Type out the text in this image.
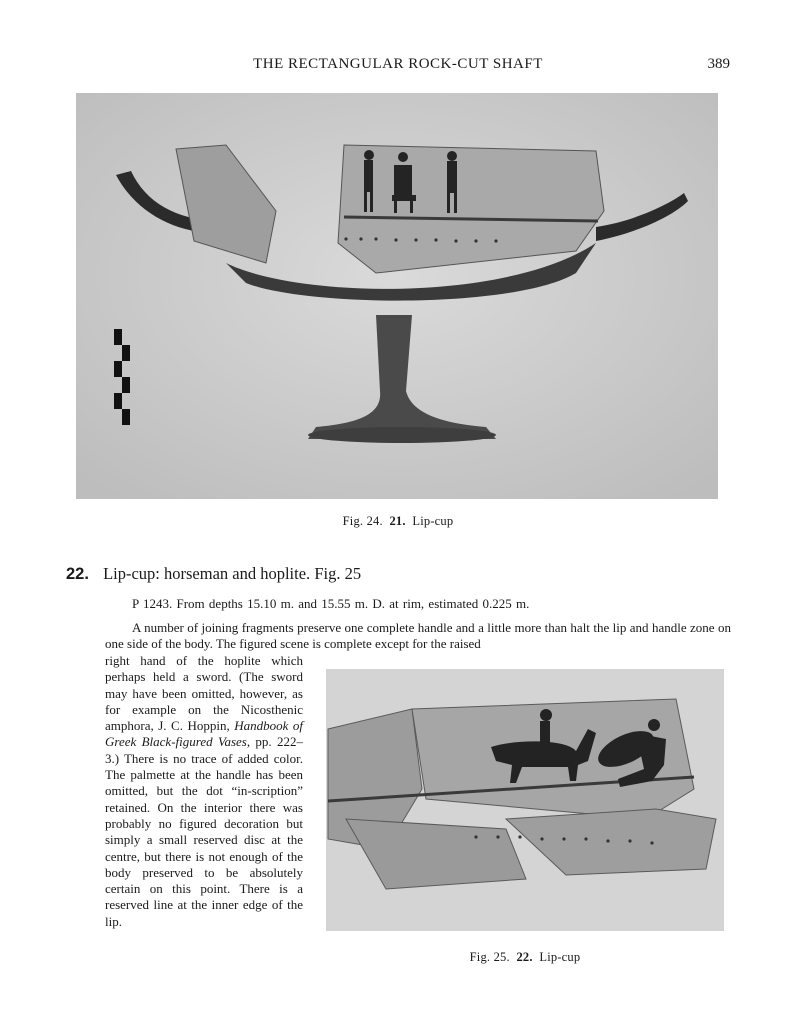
THE RECTANGULAR ROCK-CUT SHAFT	389
Fig. 24. 21. Lip-cup
22. Lip-cup: horseman and hoplite. Fig. 25
P 1243. From depths 15.10 m. and 15.55 m. D. at rim, estimated 0.225 m.

A number of joining fragments preserve one complete handle and a little more than halt the lip and handle zone on one side of the body. The figured scene is complete except for the raised

right hand of the hoplite which perhaps held a sword. (The sword may have been omitted, however, as for example on the Nicosthenic amphora, J. C. Hoppin, Handbook of Greek Black-figured Vases, pp. 222–3.) There is no trace of added color. The palmette at the handle has been omitted, but the dot “in-scription” retained. On the interior there was probably no figured decoration but simply a small reserved disc at the centre, but there is not enough of the body preserved to be absolutely certain on this point. There is a reserved line at the inner edge of the lip.
Fig. 25. 22. Lip-cup
